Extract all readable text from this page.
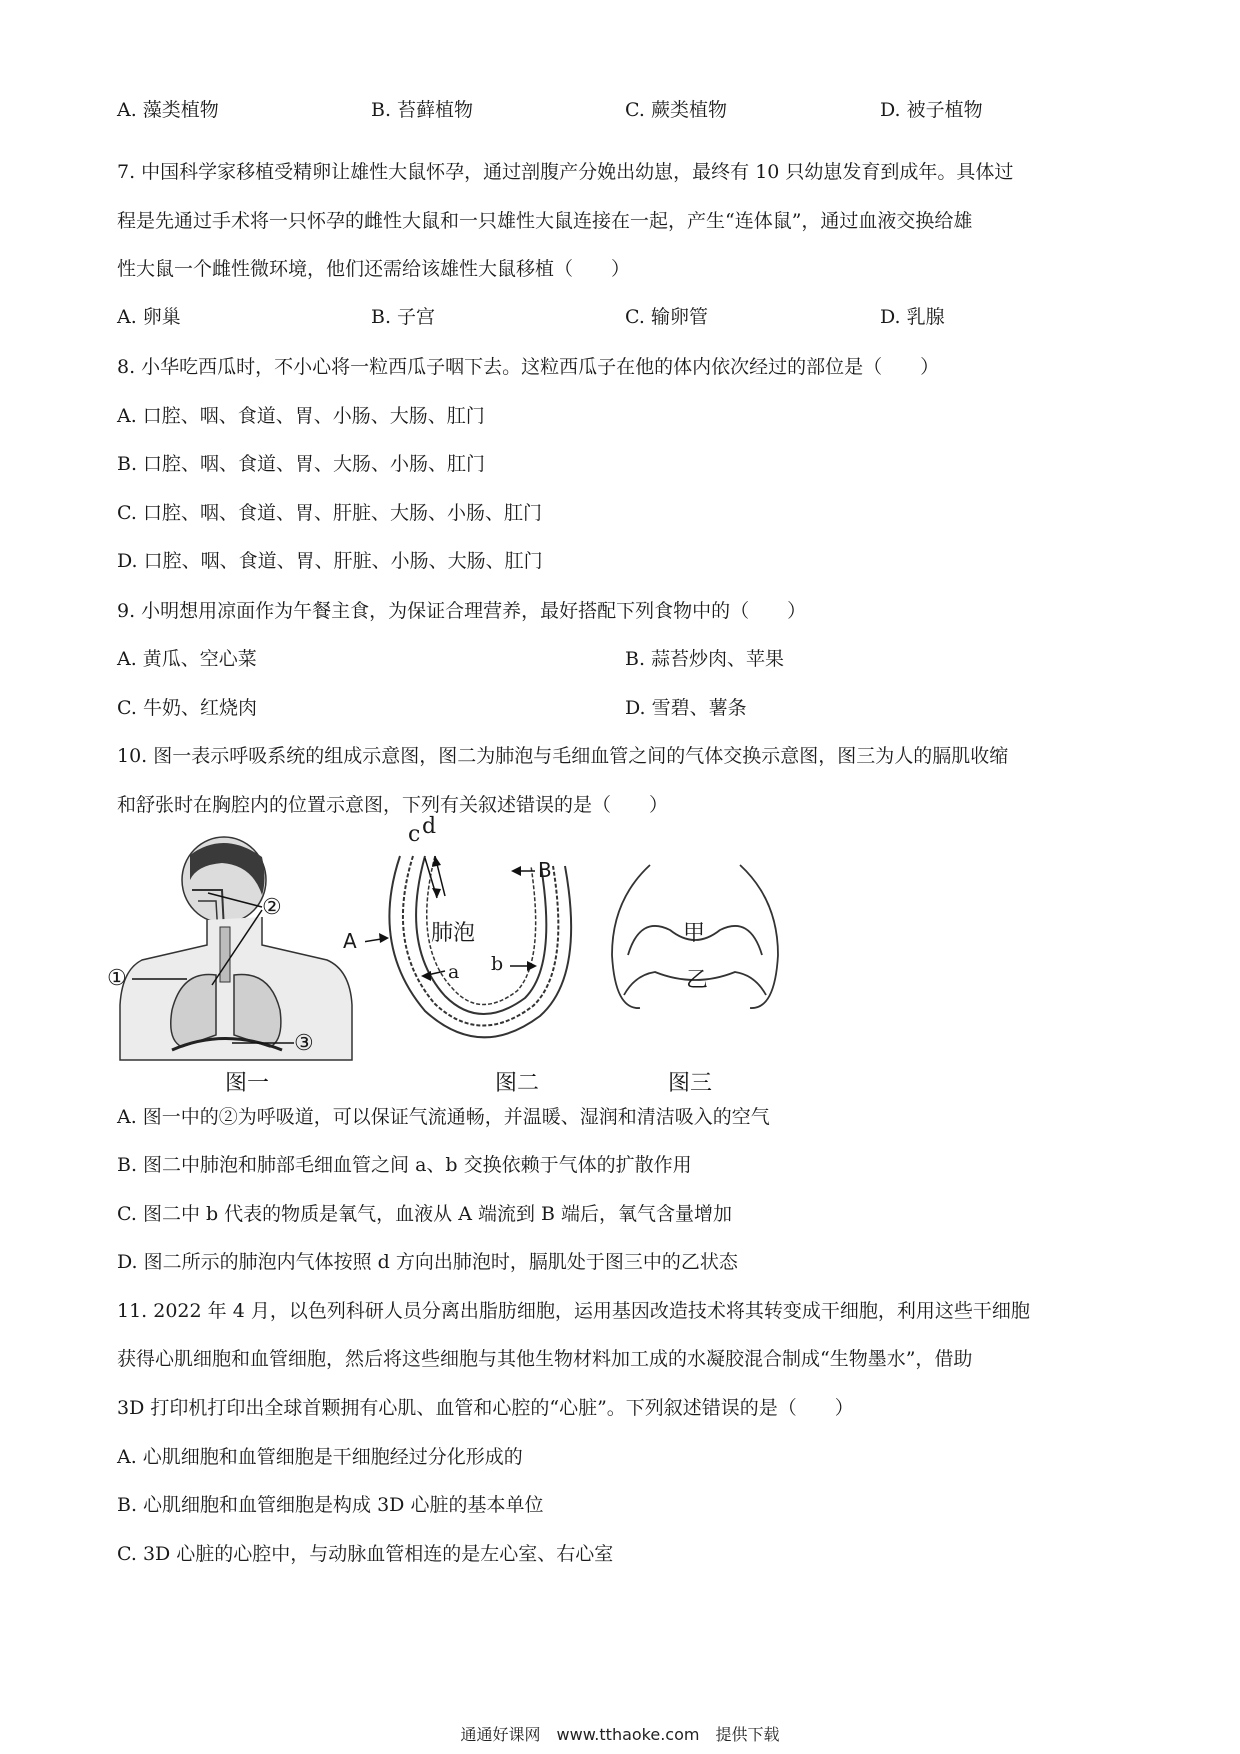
A. 藻类植物	B. 苔藓植物	C. 蕨类植物	D. 被子植物
7. 中国科学家移植受精卵让雄性大鼠怀孕，通过剖腹产分娩出幼崽，最终有 10 只幼崽发育到成年。具体过
程是先通过手术将一只怀孕的雌性大鼠和一只雄性大鼠连接在一起，产生“连体鼠”，通过血液交换给雄
性大鼠一个雌性微环境，他们还需给该雄性大鼠移植（　　）
A. 卵巢	B. 子宫	C. 输卵管	D. 乳腺
8. 小华吃西瓜时，不小心将一粒西瓜子咽下去。这粒西瓜子在他的体内依次经过的部位是（　　）
A. 口腔、咽、食道、胃、小肠、大肠、肛门
B. 口腔、咽、食道、胃、大肠、小肠、肛门
C. 口腔、咽、食道、胃、肝脏、大肠、小肠、肛门
D. 口腔、咽、食道、胃、肝脏、小肠、大肠、肛门
9. 小明想用凉面作为午餐主食，为保证合理营养，最好搭配下列食物中的（　　）
A. 黄瓜、空心菜	B. 蒜苔炒肉、苹果
C. 牛奶、红烧肉	D. 雪碧、薯条
10. 图一表示呼吸系统的组成示意图，图二为肺泡与毛细血管之间的气体交换示意图，图三为人的膈肌收缩
和舒张时在胸腔内的位置示意图，下列有关叙述错误的是（　　）
②
①
③
图一
c d
A
B
a b
肺泡
图二
甲
乙
图三
A. 图一中的②为呼吸道，可以保证气流通畅，并温暖、湿润和清洁吸入的空气
B. 图二中肺泡和肺部毛细血管之间 a、b 交换依赖于气体的扩散作用
C. 图二中 b 代表的物质是氧气，血液从 A 端流到 B 端后，氧气含量增加
D. 图二所示的肺泡内气体按照 d 方向出肺泡时，膈肌处于图三中的乙状态
11. 2022 年 4 月，以色列科研人员分离出脂肪细胞，运用基因改造技术将其转变成干细胞，利用这些干细胞
获得心肌细胞和血管细胞，然后将这些细胞与其他生物材料加工成的水凝胶混合制成“生物墨水”，借助
3D 打印机打印出全球首颗拥有心肌、血管和心腔的“心脏”。下列叙述错误的是（　　）
A. 心肌细胞和血管细胞是干细胞经过分化形成的
B. 心肌细胞和血管细胞是构成 3D 心脏的基本单位
C. 3D 心脏的心腔中，与动脉血管相连的是左心室、右心室
通通好课网　www.tthaoke.com　提供下载
